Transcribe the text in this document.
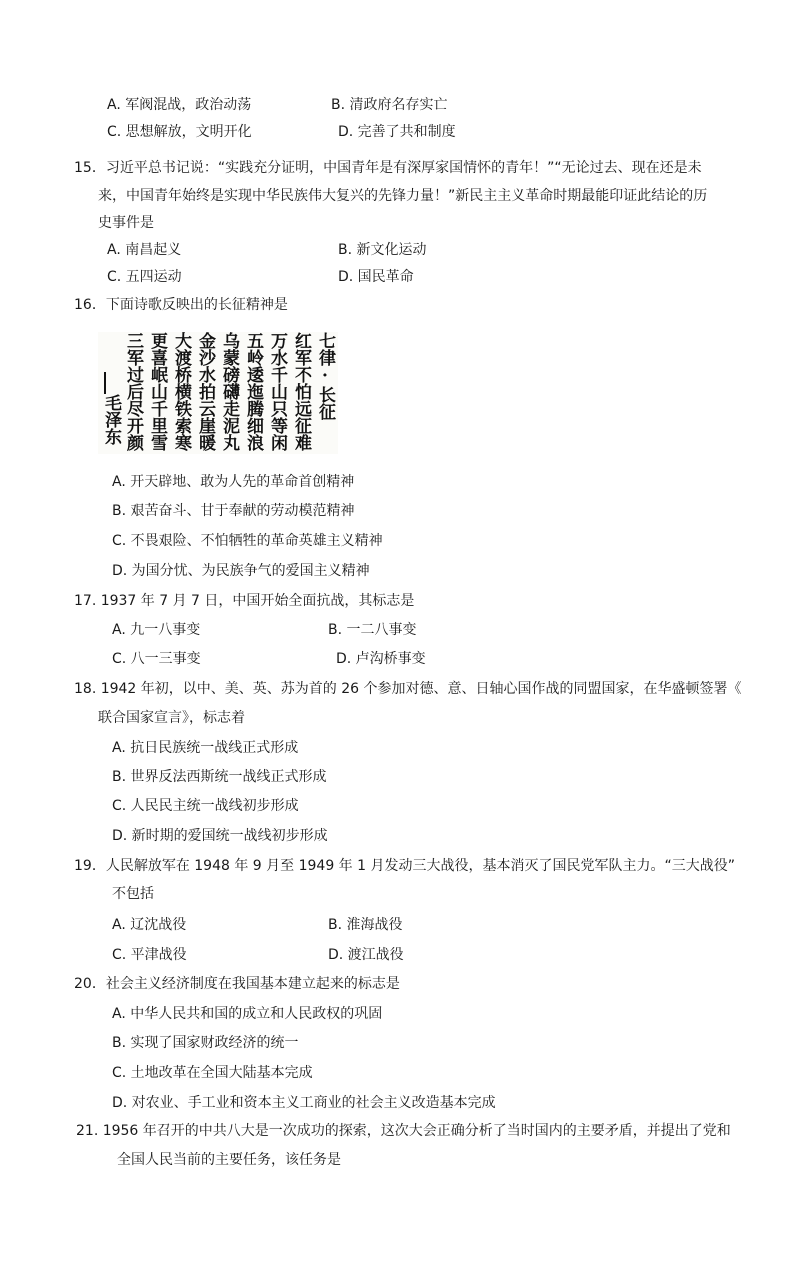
A. 军阀混战，政治动荡	B. 清政府名存实亡
C. 思想解放，文明开化	D. 完善了共和制度
15．习近平总书记说：“实践充分证明，中国青年是有深厚家国情怀的青年！”“无论过去、现在还是未
来，中国青年始终是实现中华民族伟大复兴的先锋力量！”新民主主义革命时期最能印证此结论的历
史事件是
A. 南昌起义	B. 新文化运动
C. 五四运动	D. 国民革命
16．下面诗歌反映出的长征精神是
七律·长征
红军不怕远征难
万水千山只等闲
五岭逶迤腾细浪
乌蒙磅礴走泥丸
金沙水拍云崖暖
大渡桥横铁索寒
更喜岷山千里雪
三军过后尽开颜
毛泽东
A. 开天辟地、敢为人先的革命首创精神
B. 艰苦奋斗、甘于奉献的劳动模范精神
C. 不畏艰险、不怕牺牲的革命英雄主义精神
D. 为国分忧、为民族争气的爱国主义精神
17. 1937 年 7 月 7 日，中国开始全面抗战，其标志是
A. 九一八事变	B. 一二八事变
C. 八一三事变	D. 卢沟桥事变
18. 1942 年初，以中、美、英、苏为首的 26 个参加对德、意、日轴心国作战的同盟国家，在华盛顿签署《
联合国家宣言》，标志着
A. 抗日民族统一战线正式形成
B. 世界反法西斯统一战线正式形成
C. 人民民主统一战线初步形成
D. 新时期的爱国统一战线初步形成
19．人民解放军在 1948 年 9 月至 1949 年 1 月发动三大战役，基本消灭了国民党军队主力。“三大战役”
不包括
A. 辽沈战役	B. 淮海战役
C. 平津战役	D. 渡江战役
20．社会主义经济制度在我国基本建立起来的标志是
A. 中华人民共和国的成立和人民政权的巩固
B. 实现了国家财政经济的统一
C. 土地改革在全国大陆基本完成
D. 对农业、手工业和资本主义工商业的社会主义改造基本完成
21. 1956 年召开的中共八大是一次成功的探索，这次大会正确分析了当时国内的主要矛盾，并提出了党和
全国人民当前的主要任务，该任务是
